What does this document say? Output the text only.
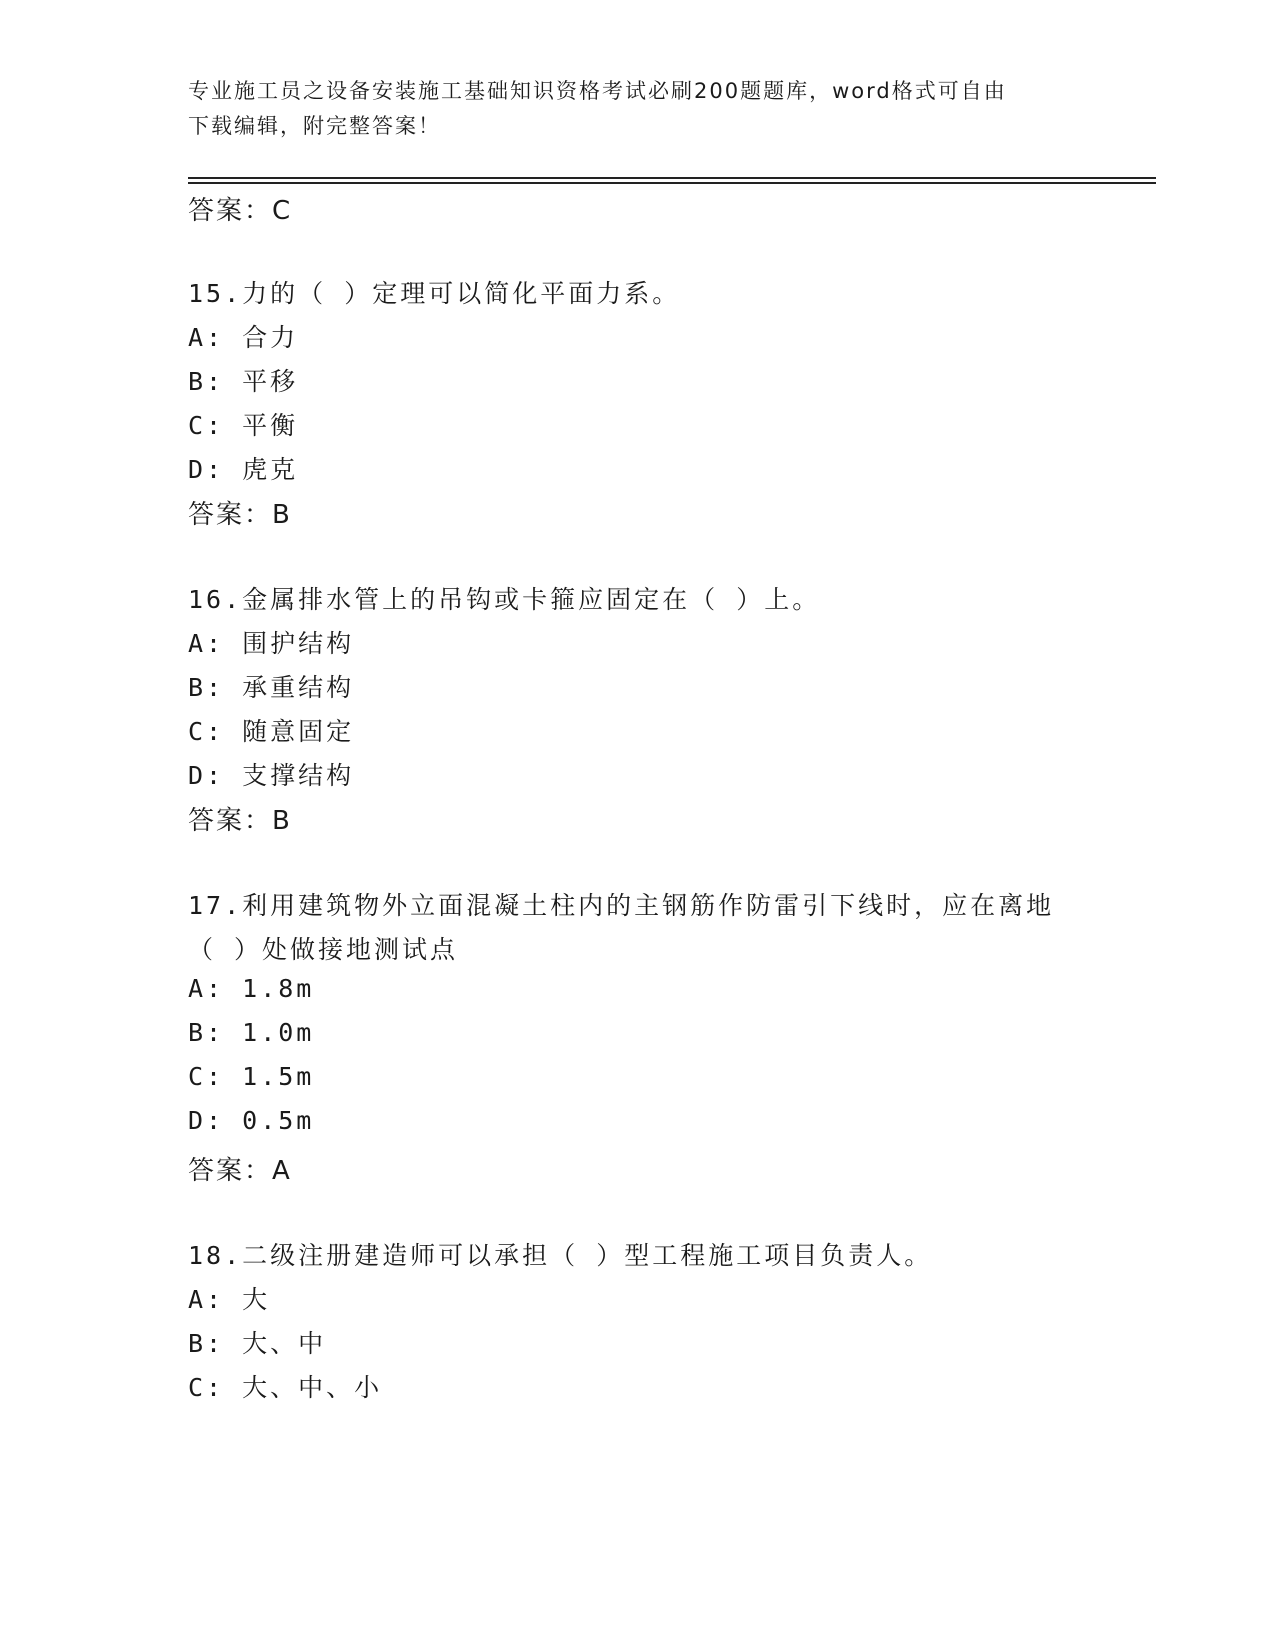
专业施工员之设备安装施工基础知识资格考试必刷200题题库，word格式可自由
下载编辑，附完整答案！
答案：C
15.力的（ ）定理可以简化平面力系。
A: 合力
B: 平移
C: 平衡
D: 虎克
答案：B
16.金属排水管上的吊钩或卡箍应固定在（ ）上。
A: 围护结构
B: 承重结构
C: 随意固定
D: 支撑结构
答案：B
17.利用建筑物外立面混凝土柱内的主钢筋作防雷引下线时，应在离地
（ ）处做接地测试点
A: 1.8m
B: 1.0m
C: 1.5m
D: 0.5m
答案：A
18.二级注册建造师可以承担（ ）型工程施工项目负责人。
A: 大
B: 大、中
C: 大、中、小
